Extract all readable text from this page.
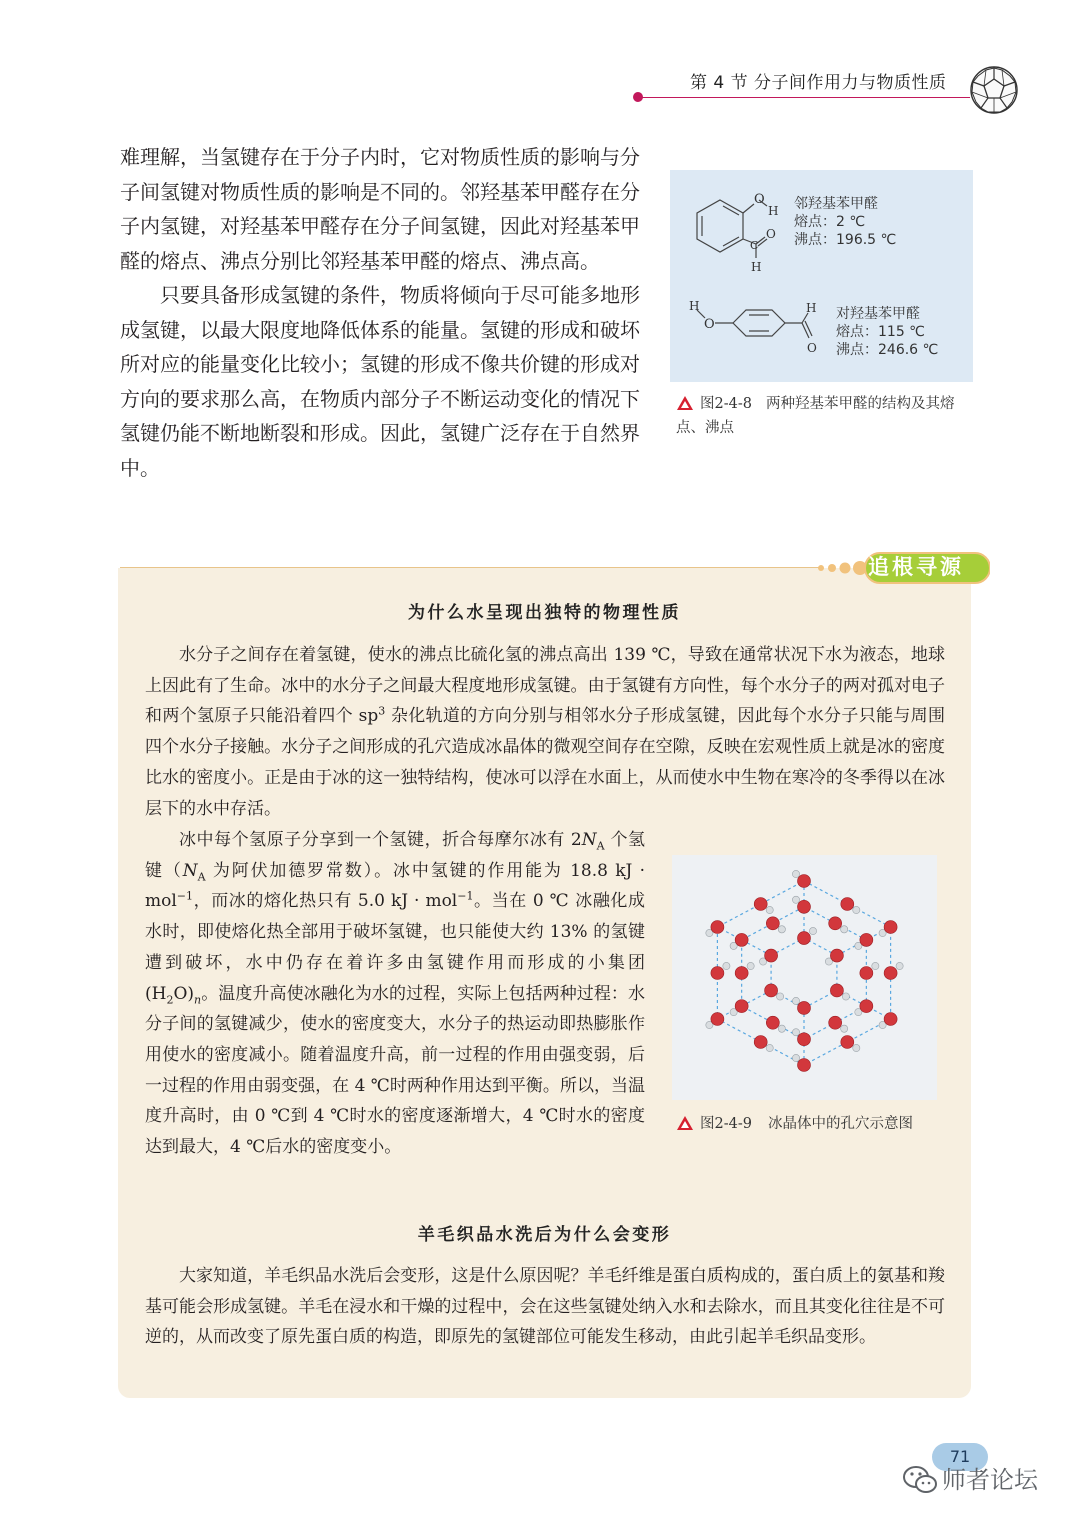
第 4 节 分子间作用力与物质性质

难理解，当氢键存在于分子内时，它对物质性质的影响与分子间氢键对物质性质的影响是不同的。邻羟基苯甲醛存在分子内氢键，对羟基苯甲醛存在分子间氢键，因此对羟基苯甲醛的熔点、沸点分别比邻羟基苯甲醛的熔点、沸点高。

只要具备形成氢键的条件，物质将倾向于尽可能多地形成氢键，以最大限度地降低体系的能量。氢键的形成和破坏所对应的能量变化比较小；氢键的形成不像共价键的形成对方向的要求那么高，在物质内部分子不断运动变化的情况下氢键仍能不断地断裂和形成。因此，氢键广泛存在于自然界中。

O
H
C
O
H
O
H	H
O
邻羟基苯甲醛
熔点：2 ℃
沸点：196.5 ℃
对羟基苯甲醛
熔点：115 ℃
沸点：246.6 ℃
图2-4-8 两种羟基苯甲醛的结构及其熔点、沸点
追根寻源
为什么水呈现出独特的物理性质

水分子之间存在着氢键，使水的沸点比硫化氢的沸点高出 139 ℃，导致在通常状况下水为液态，地球上因此有了生命。冰中的水分子之间最大程度地形成氢键。由于氢键有方向性，每个水分子的两对孤对电子和两个氢原子只能沿着四个 $sp^3$ 杂化轨道的方向分别与相邻水分子形成氢键，因此每个水分子只能与周围四个水分子接触。水分子之间形成的孔穴造成冰晶体的微观空间存在空隙，反映在宏观性质上就是冰的密度比水的密度小。正是由于冰的这一独特结构，使冰可以浮在水面上，从而使水中生物在寒冷的冬季得以在冰层下的水中存活。

冰中每个氢原子分享到一个氢键，折合每摩尔冰有 $2N_A$ 个氢键（$N_A$ 为阿伏加德罗常数）。冰中氢键的作用能为 18.8 kJ · mol$^{-1}$，而冰的熔化热只有 5.0 kJ · mol$^{-1}$。当在 0 ℃ 冰融化成水时，即使熔化热全部用于破坏氢键，也只能使大约 13% 的氢键遭到破坏，水中仍存在着许多由氢键作用而形成的小集团 $(H_2O)_n$。温度升高使冰融化为水的过程，实际上包括两种过程：水分子间的氢键减少，使水的密度变大，水分子的热运动即热膨胀作用使水的密度减小。随着温度升高，前一过程的作用由强变弱，后一过程的作用由弱变强，在 4 ℃时两种作用达到平衡。所以，当温度升高时，由 0 ℃到 4 ℃时水的密度逐渐增大，4 ℃时水的密度达到最大，4 ℃后水的密度变小。

图2-4-9 冰晶体中的孔穴示意图
羊毛织品水洗后为什么会变形

大家知道，羊毛织品水洗后会变形，这是什么原因呢？羊毛纤维是蛋白质构成的，蛋白质上的氨基和羧基可能会形成氢键。羊毛在浸水和干燥的过程中，会在这些氢键处纳入水和去除水，而且其变化往往是不可逆的，从而改变了原先蛋白质的构造，即原先的氢键部位可能发生移动，由此引起羊毛织品变形。

71
师者论坛
